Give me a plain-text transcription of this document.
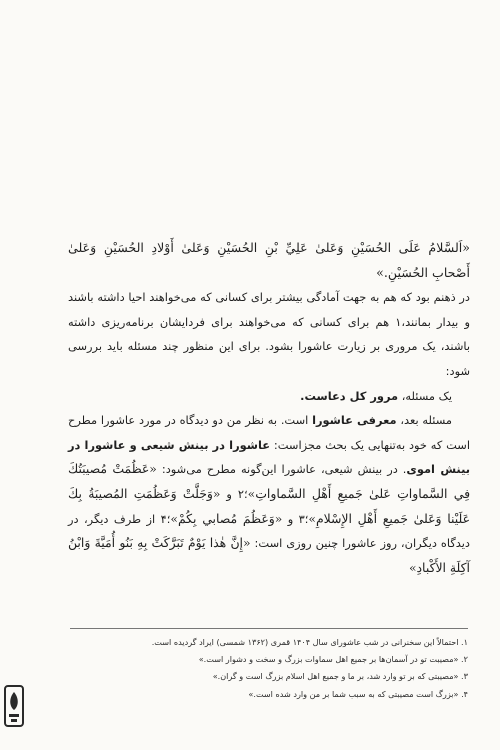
«اَلسَّلامُ عَلَى الحُسَيْنِ وَعَلىٰ عَلِيِّ بْنِ الحُسَيْنِ وَعَلىٰ أَوْلادِ الحُسَيْنِ وَعَلىٰ أَصْحابِ الحُسَيْنِ.»

در ذهنم بود که هم به جهت آمادگی بیشتر برای کسانی که می‌خواهند احیا داشته باشند و بیدار بمانند،١ هم برای کسانی که می‌خواهند برای فردایشان برنامه‌ریزی داشته باشند، یک مروری بر زیارت عاشورا بشود. برای این منظور چند مسئله باید بررسی شود:

یک مسئله، مرور کل دعاست.

مسئله بعد، معرفی عاشورا است. به نظر من دو دیدگاه در مورد عاشورا مطرح است که خود به‌تنهایی یک بحث مجزاست: عاشورا در بینش شیعی و عاشورا در بینش اموی. در بینش شیعی، عاشورا این‌گونه مطرح می‌شود: «عَظُمَتْ مُصيبَتُكَ فِي السَّماواتِ عَلىٰ جَميعِ أَهْلِ السَّماواتِ»؛٢ و «وَجَلَّتْ وَعَظُمَتِ المُصيبَةُ بِكَ عَلَيْنا وَعَلىٰ جَميعِ أَهْلِ الإِسْلامِ»؛٣ و «وَعَظُمَ مُصابي بِكُمْ»؛۴ از طرف دیگر، در دیدگاه دیگران، روز عاشورا چنین روزی است: «إِنَّ هٰذا يَوْمٌ تَبَرَّكَتْ بِهِ بَنُو أُمَيَّةَ وَابْنُ آكِلَةِ الأَكْبادِ»

١. احتمالاً این سخنرانی در شب عاشورای سال ١۴٠۴ قمری (١٣۶٢ شمسی) ایراد گردیده است.
٢. «مصیبت تو در آسمان‌ها بر جمیع اهل سماوات بزرگ و سخت و دشوار است.»
٣. «مصیبتی که بر تو وارد شد، بر ما و جمیع اهل اسلام بزرگ است و گران.»
۴. «بزرگ است مصیبتی که به سبب شما بر من وارد شده است.»
